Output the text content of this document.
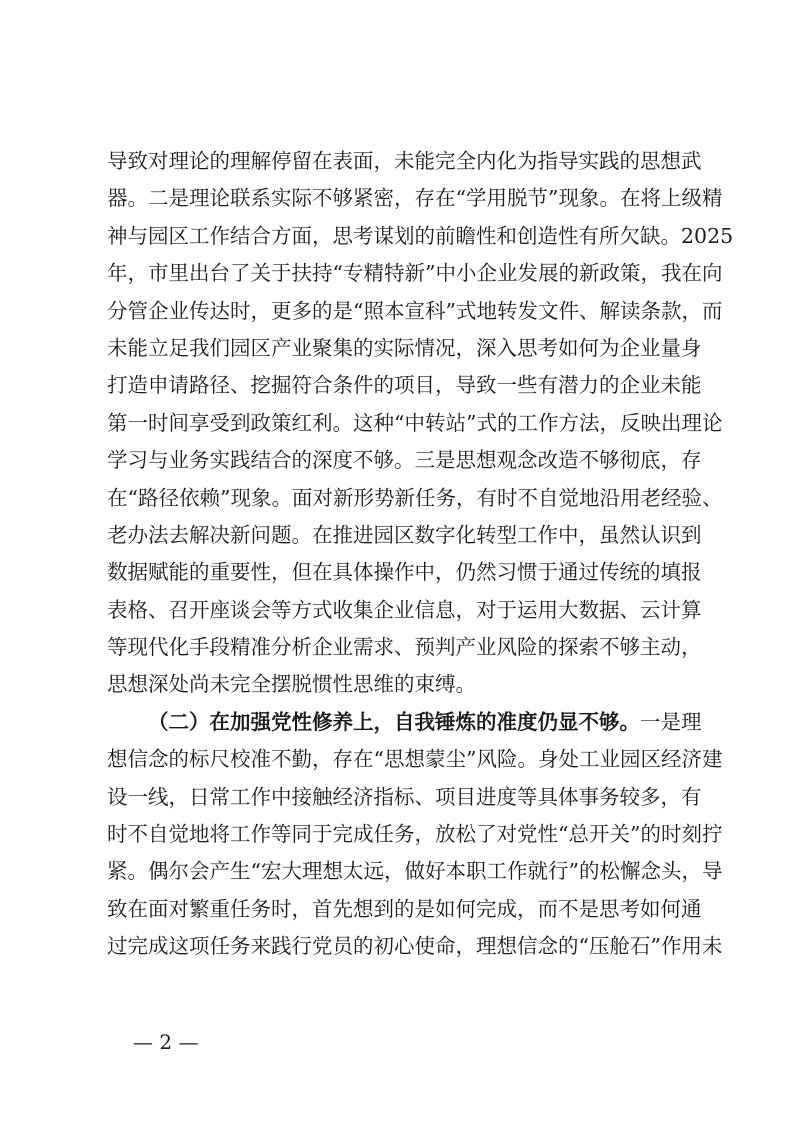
导致对理论的理解停留在表面，未能完全内化为指导实践的思想武
器。二是理论联系实际不够紧密，存在“学用脱节”现象。在将上级精
神与园区工作结合方面，思考谋划的前瞻性和创造性有所欠缺。2025
年，市里出台了关于扶持“专精特新”中小企业发展的新政策，我在向
分管企业传达时，更多的是“照本宣科”式地转发文件、解读条款，而
未能立足我们园区产业聚集的实际情况，深入思考如何为企业量身
打造申请路径、挖掘符合条件的项目，导致一些有潜力的企业未能
第一时间享受到政策红利。这种“中转站”式的工作方法，反映出理论
学习与业务实践结合的深度不够。三是思想观念改造不够彻底，存
在“路径依赖”现象。面对新形势新任务，有时不自觉地沿用老经验、
老办法去解决新问题。在推进园区数字化转型工作中，虽然认识到
数据赋能的重要性，但在具体操作中，仍然习惯于通过传统的填报
表格、召开座谈会等方式收集企业信息，对于运用大数据、云计算
等现代化手段精准分析企业需求、预判产业风险的探索不够主动，
思想深处尚未完全摆脱惯性思维的束缚。
（二）在加强党性修养上，自我锤炼的准度仍显不够。一是理
想信念的标尺校准不勤，存在“思想蒙尘”风险。身处工业园区经济建
设一线，日常工作中接触经济指标、项目进度等具体事务较多，有
时不自觉地将工作等同于完成任务，放松了对党性“总开关”的时刻拧
紧。偶尔会产生“宏大理想太远，做好本职工作就行”的松懈念头，导
致在面对繁重任务时，首先想到的是如何完成，而不是思考如何通
过完成这项任务来践行党员的初心使命，理想信念的“压舱石”作用未
— 2 —
